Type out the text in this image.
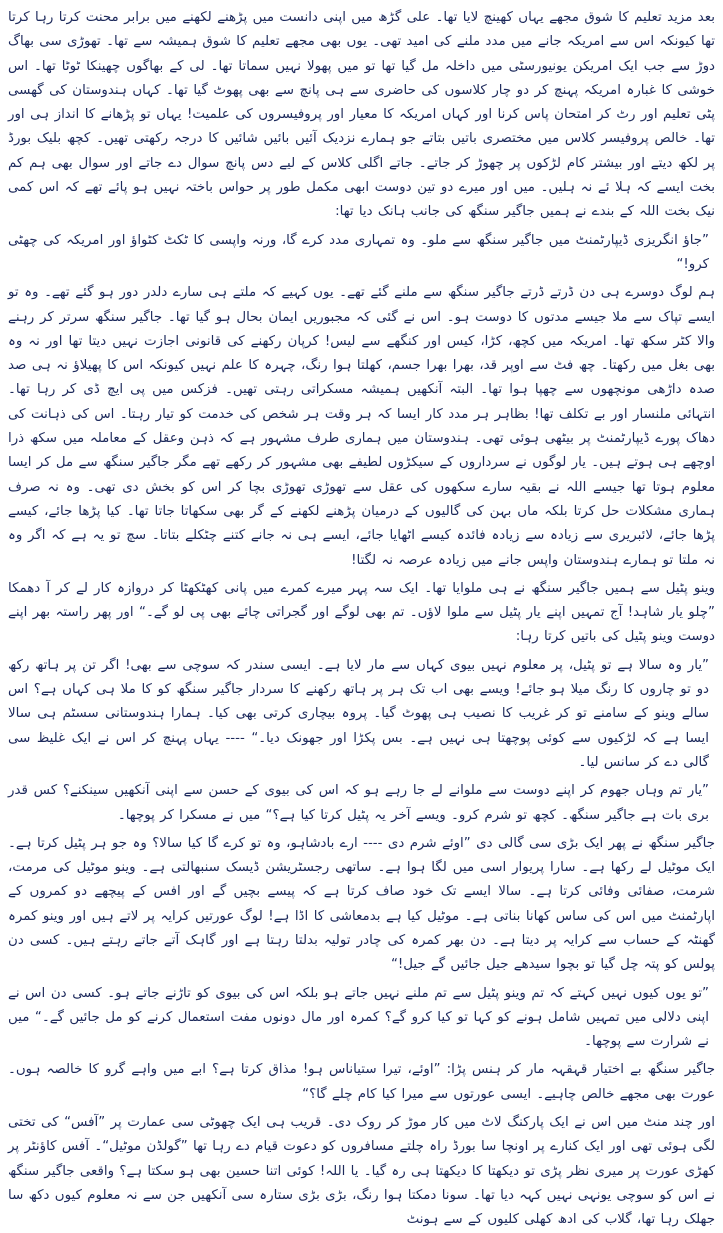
بعد مزید تعلیم کا شوق مجھے یہاں کھینچ لایا تھا۔ علی گڑھ میں اپنی دانست میں پڑھنے لکھنے میں برابر محنت کرتا رہا کرتا تھا کیونکہ اس سے امریکہ جانے میں مدد ملنے کی امید تھی۔ یوں بھی مجھے تعلیم کا شوق ہمیشہ سے تھا۔ تھوڑی سی بھاگ دوڑ سے جب ایک امریکن یونیورسٹی میں داخلہ مل گیا تھا تو میں پھولا نہیں سماتا تھا۔ لی کے بھاگوں چھینکا ٹوٹا تھا۔ اس خوشی کا غبارہ امریکہ پہنچ کر دو چار کلاسوں کی حاضری سے ہی پانچ سے بھی پھوٹ گیا تھا۔ کہاں ہندوستان کی گھسی پٹی تعلیم اور رٹ کر امتحان پاس کرنا اور کہاں امریکہ کا معیار اور پروفیسروں کی علمیت! یہاں تو پڑھانے کا انداز ہی اور تھا۔ خالص پروفیسر کلاس میں مختصری باتیں بتاتے جو ہمارے نزدیک آئیں بائیں شائیں کا درجہ رکھتی تھیں۔ کچھ بلیک بورڈ پر لکھ دیتے اور بیشتر کام لڑکوں پر چھوڑ کر جاتے۔ جاتے اگلی کلاس کے لیے دس پانچ سوال دے جاتے اور سوال بھی ہم کم بخت ایسے کہ ہلا ئے نہ ہلیں۔ میں اور میرے دو تین دوست ابھی مکمل طور پر حواس باختہ نہیں ہو پائے تھے کہ اس کمی نیک بخت اللہ کے بندے نے ہمیں جاگیر سنگھ کی جانب ہانک دیا تھا:

”جاؤ انگریزی ڈیپارٹمنٹ میں جاگیر سنگھ سے ملو۔ وہ تمہاری مدد کرے گا، ورنہ واپسی کا ٹکٹ کٹواؤ اور امریکہ کی چھٹی کرو!“

ہم لوگ دوسرے ہی دن ڈرتے ڈرتے جاگیر سنگھ سے ملنے گئے تھے۔ یوں کہیے کہ ملتے ہی سارے دلدر دور ہو گئے تھے۔ وہ تو ایسے تپاک سے ملا جیسے مدتوں کا دوست ہو۔ اس نے گئی کہ مجبوریں ایمان بحال ہو گیا تھا۔ جاگیر سنگھ سرتر کر رہنے والا کٹر سکھ تھا۔ امریکہ میں کچھ، کڑا، کیس اور کنگھے سے لیس! کرپان رکھنے کی قانونی اجازت نہیں دیتا تھا اور نہ وہ بھی بغل میں رکھتا۔ چھ فٹ سے اوپر قد، بھرا بھرا جسم، کھلتا ہوا رنگ، چہرہ کا علم نہیں کیونکہ اس کا پھیلاؤ نہ ہی صد صدہ داڑھی مونچھوں سے چھپا ہوا تھا۔ البتہ آنکھیں ہمیشہ مسکراتی رہتی تھیں۔ فزکس میں پی ایچ ڈی کر رہا تھا۔ انتہائی ملنسار اور بے تکلف تھا! بظاہر ہر مدد کار ایسا کہ ہر وقت ہر شخص کی خدمت کو تیار رہتا۔ اس کی ذہانت کی دھاک پورے ڈیپارٹمنٹ پر بیٹھی ہوئی تھی۔ ہندوستان میں ہماری طرف مشہور ہے کہ ذہن وعقل کے معاملہ میں سکھ ذرا اوچھے ہی ہوتے ہیں۔ یار لوگوں نے سرداروں کے سیکڑوں لطیفے بھی مشہور کر رکھے تھے مگر جاگیر سنگھ سے مل کر ایسا معلوم ہوتا تھا جیسے اللہ نے بقیہ سارے سکھوں کی عقل سے تھوڑی تھوڑی بچا کر اس کو بخش دی تھی۔ وہ نہ صرف ہماری مشکلات حل کرتا بلکہ ماں بہن کی گالیوں کے درمیان پڑھنے لکھنے کے گر بھی سکھاتا جاتا تھا۔ کیا پڑھا جائے، کیسے پڑھا جائے، لائبریری سے زیادہ سے زیادہ فائدہ کیسے اٹھایا جائے، ایسے ہی نہ جانے کتنے چٹکلے بتاتا۔ سچ تو یہ ہے کہ اگر وہ نہ ملتا تو ہمارے ہندوستان واپس جانے میں زیادہ عرصہ نہ لگتا!

وینو پٹیل سے ہمیں جاگیر سنگھ نے ہی ملوایا تھا۔ ایک سہ پہر میرے کمرے میں پانی کھٹکھٹا کر دروازہ کار لے کر آ دھمکا ”چلو یار شاہد! آج تمہیں اپنے یار پٹیل سے ملوا لاؤں۔ تم بھی لوگے اور گجراتی چائے بھی پی لو گے۔“ اور پھر راستہ بھر اپنے دوست وینو پٹیل کی باتیں کرتا رہا:

”یار وہ سالا ہے تو پٹیل، پر معلوم نہیں بیوی کہاں سے مار لایا ہے۔ ایسی سندر کہ سوچی سے بھی! اگر تن پر ہاتھ رکھ دو تو چاروں کا رنگ میلا ہو جائے! ویسے بھی اب تک ہر پر ہاتھ رکھنے کا سردار جاگیر سنگھ کو کا ملا ہی کہاں ہے؟ اس سالے وینو کے سامنے تو کر غریب کا نصیب ہی پھوٹ گیا۔ پروہ بیچاری کرتی بھی کیا۔ ہمارا ہندوستانی سسٹم ہی سالا ایسا ہے کہ لڑکیوں سے کوئی پوچھتا ہی نہیں ہے۔ بس پکڑا اور جھونک دیا۔“ ---- یہاں پہنچ کر اس نے ایک غلیظ سی گالی دے کر سانس لیا۔

”یار تم وہاں جھوم کر اپنے دوست سے ملوانے لے جا رہے ہو کہ اس کی بیوی کے حسن سے اپنی آنکھیں سینکنے؟ کس قدر بری بات ہے جاگیر سنگھ۔ کچھ تو شرم کرو۔ ویسے آخر یہ پٹیل کرتا کیا ہے؟“ میں نے مسکرا کر پوچھا۔

جاگیر سنگھ نے پھر ایک بڑی سی گالی دی ”اوئے شرم دی ---- ارے بادشاہو، وہ تو کرے گا کیا سالا؟ وہ جو ہر پٹیل کرتا ہے۔ ایک موٹیل لے رکھا ہے۔ سارا پریوار اسی میں لگا ہوا ہے۔ ساتھی رجسٹریشن ڈیسک سنبھالتی ہے۔ وینو موٹیل کی مرمت، شرمت، صفائی وفائی کرتا ہے۔ سالا ایسے تک خود صاف کرتا ہے کہ پیسے بچیں گے اور افس کے پیچھے دو کمروں کے اپارٹمنٹ میں اس کی ساس کھانا بناتی ہے۔ موٹیل کیا ہے بدمعاشی کا اڈا ہے! لوگ عورتیں کرایہ پر لاتے ہیں اور وینو کمرہ گھنٹہ کے حساب سے کرایہ پر دیتا ہے۔ دن بھر کمرہ کی چادر تولیہ بدلتا رہتا ہے اور گاہک آتے جاتے رہتے ہیں۔ کسی دن پولس کو پتہ چل گیا تو بچوا سیدھے جیل جائیں گے جیل!“

”تو یوں کیوں نہیں کہتے کہ تم وینو پٹیل سے تم ملنے نہیں جاتے ہو بلکہ اس کی بیوی کو تاڑنے جاتے ہو۔ کسی دن اس نے اپنی دلالی میں تمہیں شامل ہونے کو کہا تو کیا کرو گے؟ کمرہ اور مال دونوں مفت استعمال کرنے کو مل جائیں گے۔“ میں نے شرارت سے پوچھا۔

جاگیر سنگھ بے اختیار قہقہہ مار کر ہنس پڑا: ”اوئے، تیرا ستیاناس ہو! مذاق کرتا ہے؟ ابے میں واہے گرو کا خالصہ ہوں۔ عورت بھی مجھے خالص چاہیے۔ ایسی عورتوں سے میرا کیا کام چلے گا؟“

اور چند منٹ میں اس نے ایک پارکنگ لاٹ میں کار موڑ کر روک دی۔ قریب ہی ایک چھوٹی سی عمارت پر ”آفس“ کی تختی لگی ہوئی تھی اور ایک کنارے پر اونچا سا بورڈ راہ چلتے مسافروں کو دعوت قیام دے رہا تھا ”گولڈن موٹیل“۔ آفس کاؤنٹر پر کھڑی عورت پر میری نظر پڑی تو دیکھتا کا دیکھتا ہی رہ گیا۔ یا اللہ! کوئی اتنا حسین بھی ہو سکتا ہے؟ واقعی جاگیر سنگھ نے اس کو سوچی یونہی نہیں کہہ دیا تھا۔ سونا دمکتا ہوا رنگ، بڑی بڑی ستارہ سی آنکھیں جن سے نہ معلوم کیوں دکھ سا جھلک رہا تھا، گلاب کی ادھ کھلی کلیوں کے سے ہونٹ
